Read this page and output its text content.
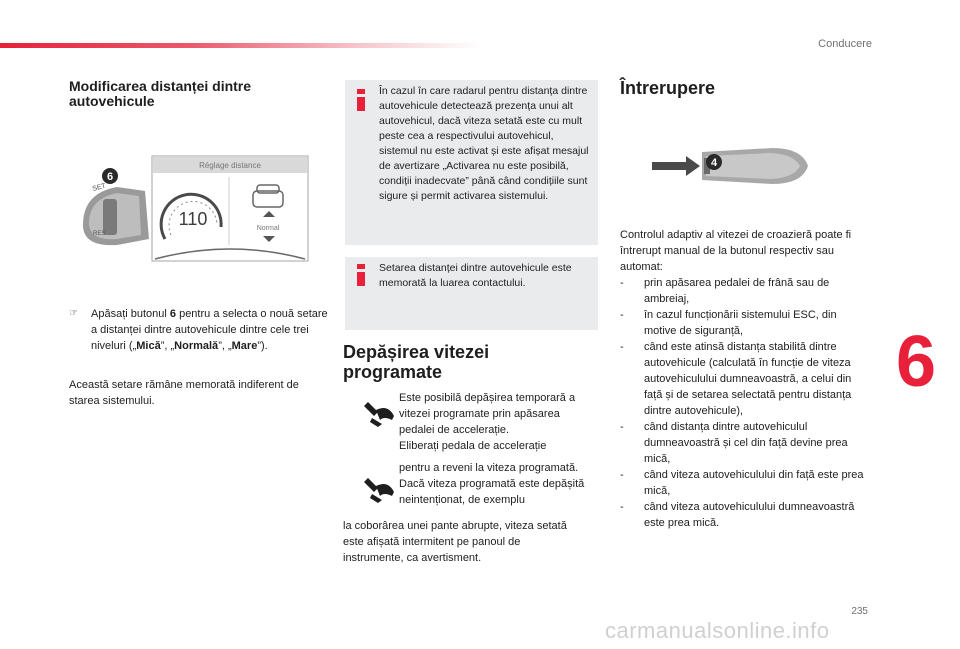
Conducere
6
235
carmanualsonline.info
Modificarea distanței dintre autovehicule
SET
RES
6
Réglage distance
110	Normal
☞	Apăsați butonul 6 pentru a selecta o nouă setare a distanței dintre autovehicule dintre cele trei niveluri („Mică”, „Normală”, „Mare”).
Această setare rămâne memorată indiferent de starea sistemului.
În cazul în care radarul pentru distanța dintre autovehicule detectează prezența unui alt autovehicul, dacă viteza setată este cu mult peste cea a respectivului autovehicul, sistemul nu este activat și este afișat mesajul de avertizare „Activarea nu este posibilă, condiții inadecvate” până când condițiile sunt sigure și permit activarea sistemului.
Setarea distanței dintre autovehicule este memorată la luarea contactului.
Depășirea vitezei programate
Este posibilă depășirea temporară a vitezei programate prin apăsarea pedalei de accelerație.
Eliberați pedala de accelerație
pentru a reveni la viteza programată. Dacă viteza programată este depășită neintenționat, de exemplu
la coborârea unei pante abrupte, viteza setată este afișată intermitent pe panoul de instrumente, ca avertisment.
Întrerupere
4
Controlul adaptiv al vitezei de croazieră poate fi întrerupt manual de la butonul respectiv sau automat:
- prin apăsarea pedalei de frână sau de ambreiaj,
- în cazul funcționării sistemului ESC, din motive de siguranță,
- când este atinsă distanța stabilită dintre autovehicule (calculată în funcție de viteza autovehiculului dumneavoastră, a celui din față și de setarea selectată pentru distanța dintre autovehicule),
- când distanța dintre autovehiculul dumneavoastră și cel din față devine prea mică,
- când viteza autovehiculului din față este prea mică,
- când viteza autovehiculului dumneavoastră este prea mică.
